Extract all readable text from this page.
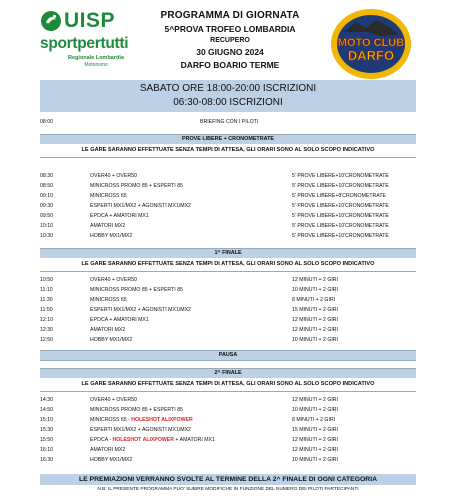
UISP
sportpertutti
Regionale Lombardia
Motorismo
PROGRAMMA DI GIORNATA
5^PROVA TROFEO LOMBARDIA
RECUPERO
30 GIUGNO 2024
DARFO BOARIO TERME
MOTO CLUB
DARFO
SABATO ORE 18:00-20:00 ISCRIZIONI
06:30-08:00 ISCRIZIONI
08:00	BRIEFING CON I PILOTI
PROVE LIBERE + CRONOMETRATE
LE GARE SARANNO EFFETTUATE SENZA TEMPI DI ATTESA, GLI ORARI SONO AL SOLO SCOPO INDICATIVO
08:30	OVER40 + OVER50	5' PROVE LIBERE+10'CRONOMETRATE
08:50	MINICROSS PROMO 85 + ESPERTI 85	5' PROVE LIBERE+10'CRONOMETRATE
09:10	MINICROSS 65	5' PROVE LIBERE+8'CRONOMETRATE
09:30	ESPERTI MX1/MX2 + AGONISTI MX1/MX2	5' PROVE LIBERE+10'CRONOMETRATE
09:50	EPOCA + AMATORI MX1	5' PROVE LIBERE+10'CRONOMETRATE
10:10	AMATORI MX2	5' PROVE LIBERE+10'CRONOMETRATE
10:30	HOBBY MX1/MX2	5' PROVE LIBERE+10'CRONOMETRATE
1^ FINALE
LE GARE SARANNO EFFETTUATE SENZA TEMPI DI ATTESA, GLI ORARI SONO AL SOLO SCOPO INDICATIVO
10:50	OVER40 + OVER50	12 MINUTI + 2 GIRI
11:10	MINICROSS PROMO 85 + ESPERTI 85	10 MINUTI + 2 GIRI
11:30	MINICROSS 65	8 MINUTI + 2 GIRI
11:50	ESPERTI MX1/MX2 + AGONISTI MX1/MX2	15 MINUTI + 2 GIRI
12:10	EPOCA + AMATORI MX1	12 MINUTI + 2 GIRI
12:30	AMATORI MX2	12 MINUTI + 2 GIRI
12:50	HOBBY MX1/MX2	10 MINUTI + 2 GIRI
PAUSA
2^ FINALE
LE GARE SARANNO EFFETTUATE SENZA TEMPI DI ATTESA, GLI ORARI SONO AL SOLO SCOPO INDICATIVO
14:30	OVER40 + OVER50	12 MINUTI + 2 GIRI
14:50	MINICROSS PROMO 85 + ESPERTI 85	10 MINUTI + 2 GIRI
15:10	MINICROSS 65 - HOLESHOT ALIXPOWER	8 MINUTI + 2 GIRI
15:30	ESPERTI MX1/MX2 + AGONISTI MX1/MX2	15 MINUTI + 2 GIRI
15:50	EPOCA - HOLESHOT ALIXPOWER + AMATORI MX1	12 MINUTI + 2 GIRI
16:10	AMATORI MX2	12 MINUTI + 2 GIRI
16:30	HOBBY MX1/MX2	10 MINUTI + 2 GIRI
LE PREMIAZIONI VERRANNO SVOLTE AL TERMINE DELLA 2^ FINALE DI OGNI CATEGORIA
N.B: IL PRESENTE PROGRAMMA PUO' SUBIRE MODIFICHE IN FUNZIONE DEL NUMERO DEI PILOTI PARTECIPANTI
